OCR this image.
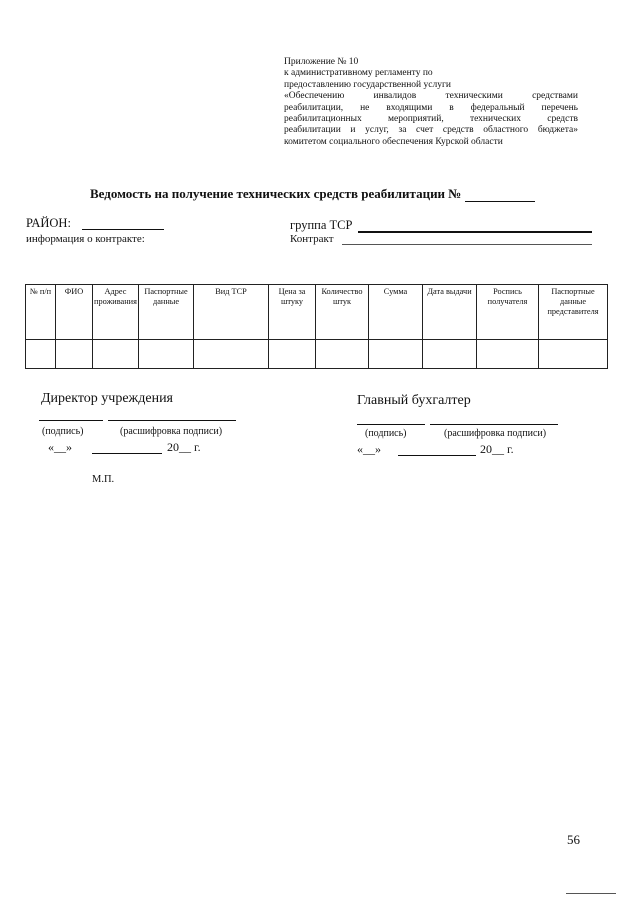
Приложение № 10
к административному регламенту по
предоставлению государственной услуги
«Обеспечению инвалидов техническими средствами
реабилитации, не входящими в федеральный перечень
реабилитационных мероприятий, технических средств
реабилитации и услуг, за счет средств областного бюджета»
комитетом социального обеспечения Курской области
Ведомость на получение технических средств реабилитации №
РАЙОН:
информация о контракте:
группа ТСР
Контракт
№ п/п	ФИО	Адрес проживания	Паспортные данные	Вид ТСР	Цена за штуку	Количество штук	Сумма	Дата выдачи	Роспись получателя	Паспортные данные представителя

Директор учреждения
(подпись)	(расшифровка подписи)
«__»	20__ г.
Главный бухгалтер
(подпись)	(расшифровка подписи)
«__»	20__ г.
М.П.
56
